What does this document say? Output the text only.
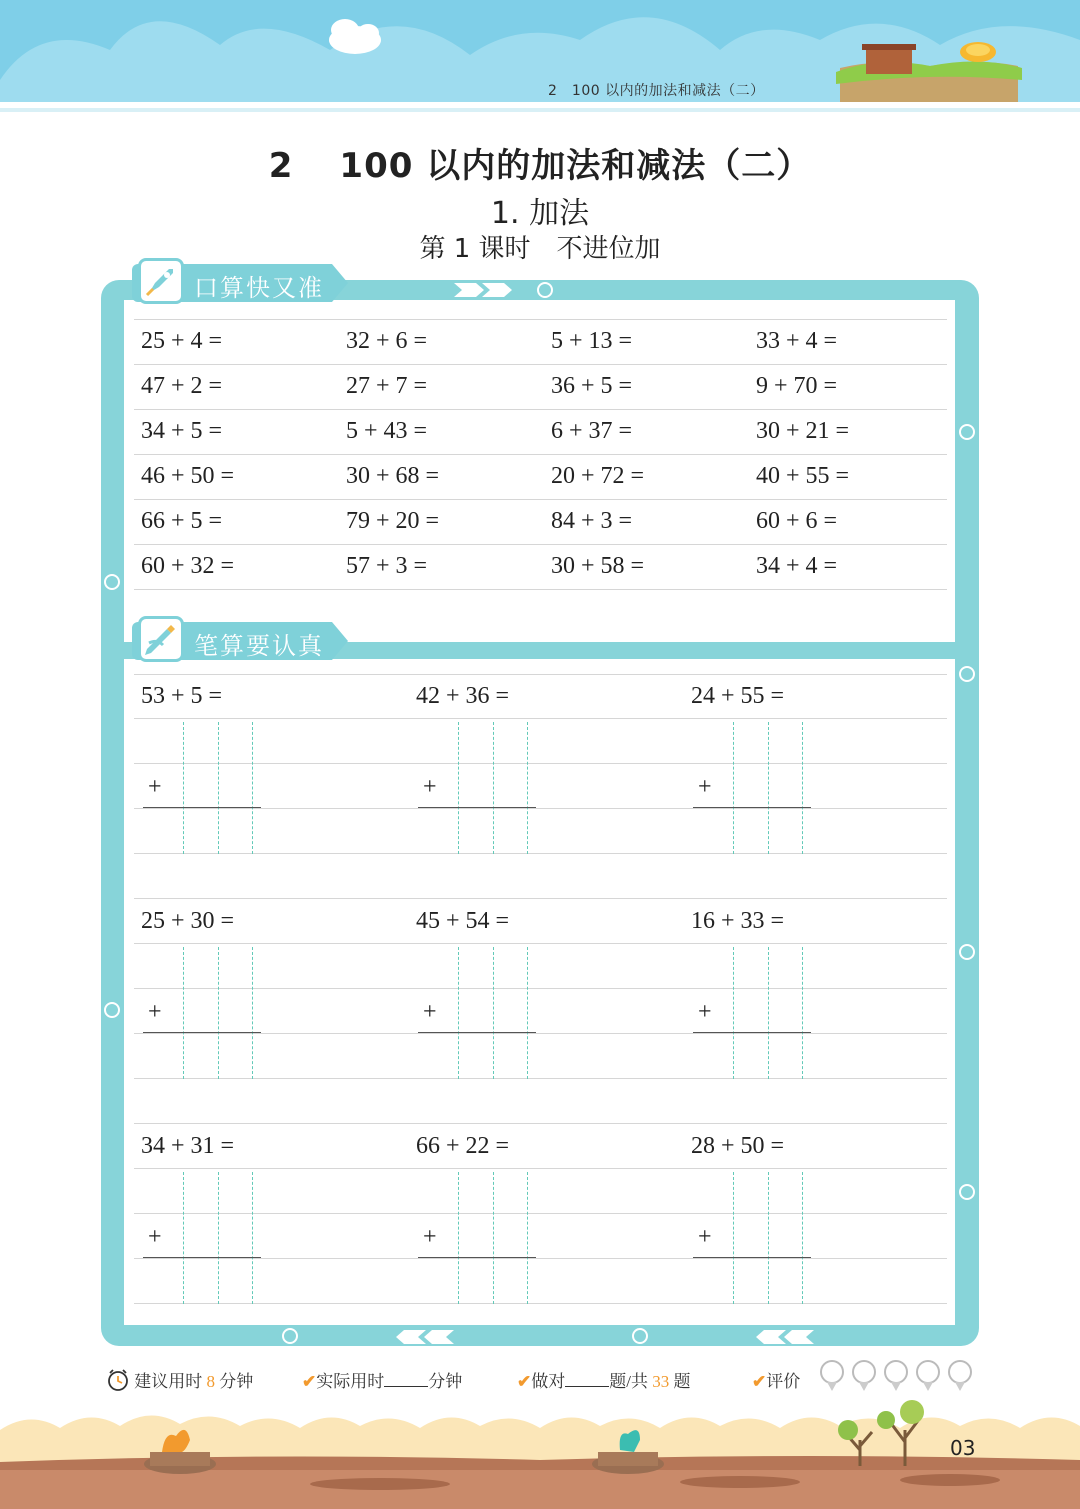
2　100 以内的加法和减法（二）
2 100 以内的加法和减法（二）
1. 加法
第 1 课时　不进位加
口算快又准
25 + 4 =	32 + 6 =	5 + 13 =	33 + 4 =
47 + 2 =	27 + 7 =	36 + 5 =	9 + 70 =
34 + 5 =	5 + 43 =	6 + 37 =	30 + 21 =
46 + 50 =	30 + 68 =	20 + 72 =	40 + 55 =
66 + 5 =	79 + 20 =	84 + 3 =	60 + 6 =
60 + 32 =	57 + 3 =	30 + 58 =	34 + 4 =
笔算要认真
53 + 5 =	42 + 36 =	24 + 55 =
25 + 30 =	45 + 54 =	16 + 33 =
34 + 31 =	66 + 22 =	28 + 50 =
+	+	+
+	+	+
+	+	+
建议用时 8 分钟	✔实际用时	分钟	✔做对	题/共 33 题	✔评价
03
